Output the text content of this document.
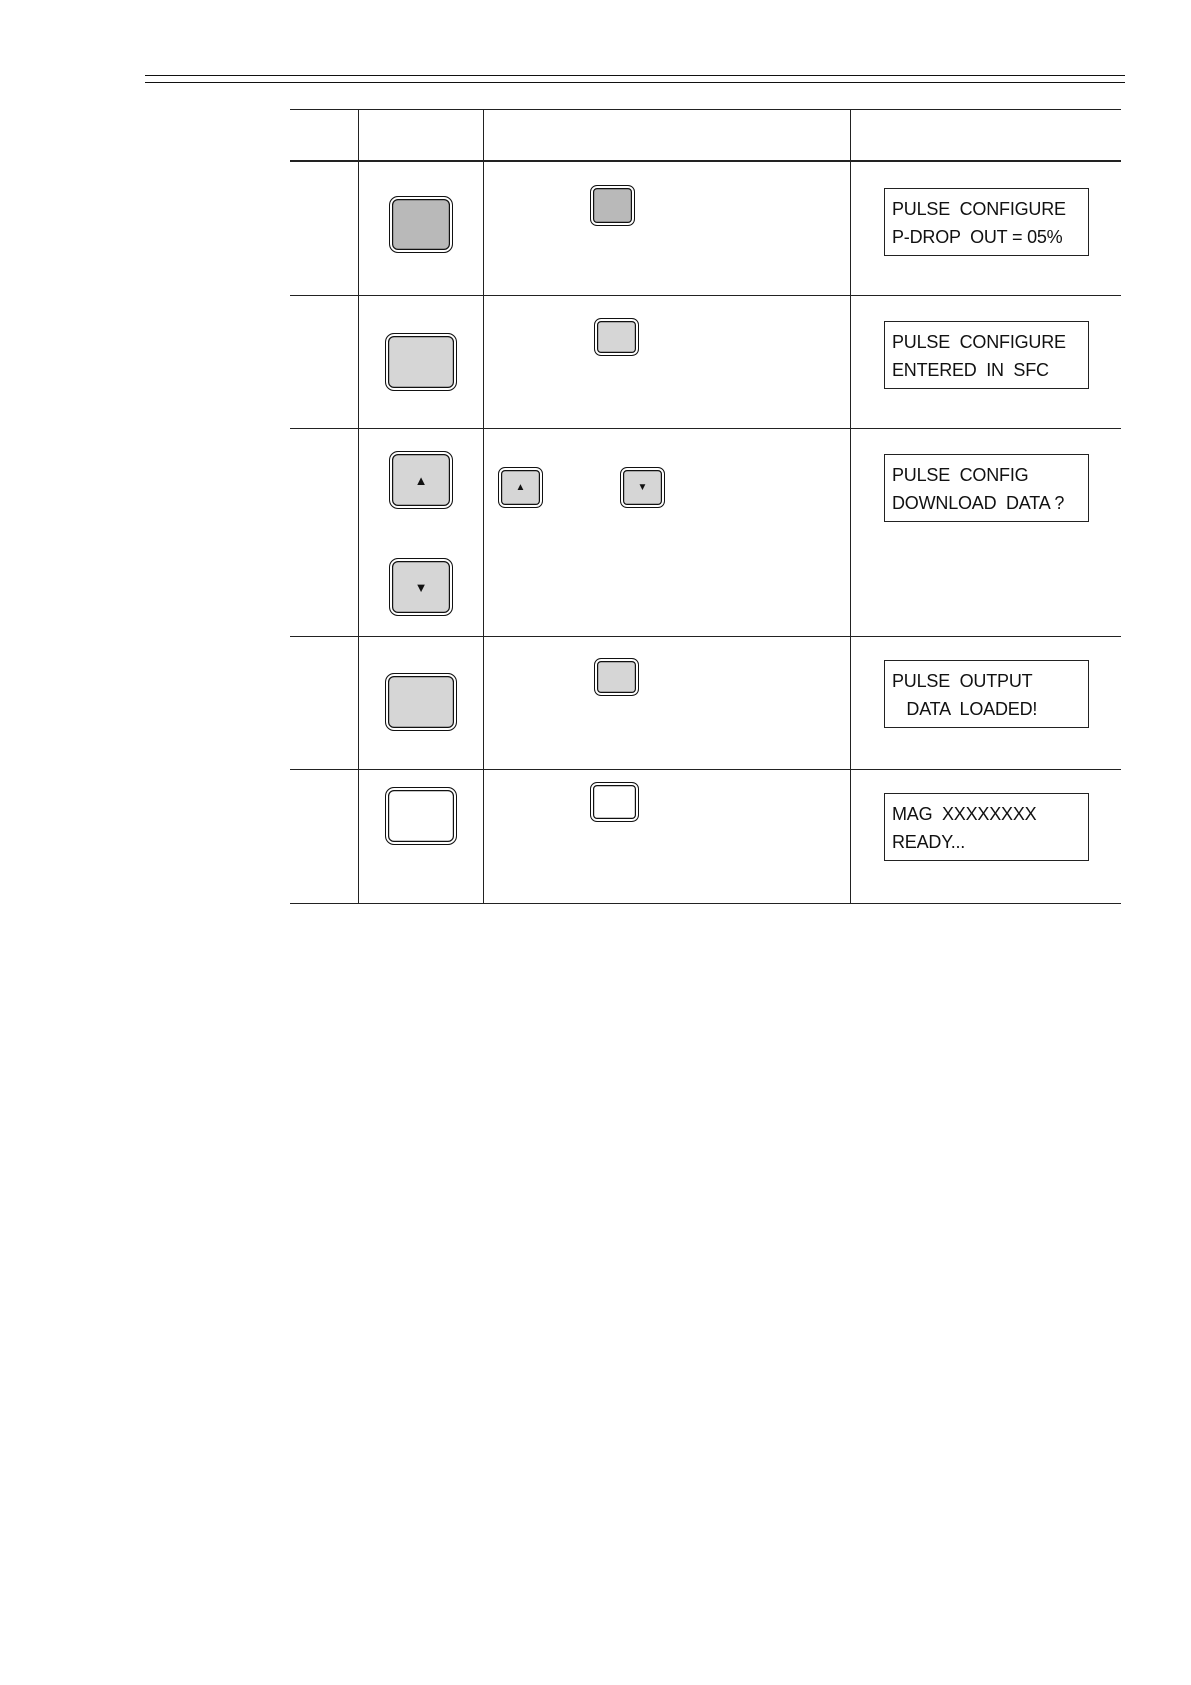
PULSE  CONFIGURE
P-DROP  OUT = 05%
PULSE  CONFIGURE
ENTERED  IN  SFC
▲
▼
▲	▼
PULSE  CONFIG
DOWNLOAD  DATA ?
PULSE  OUTPUT
DATA  LOADED!
MAG  XXXXXXXX
READY...
